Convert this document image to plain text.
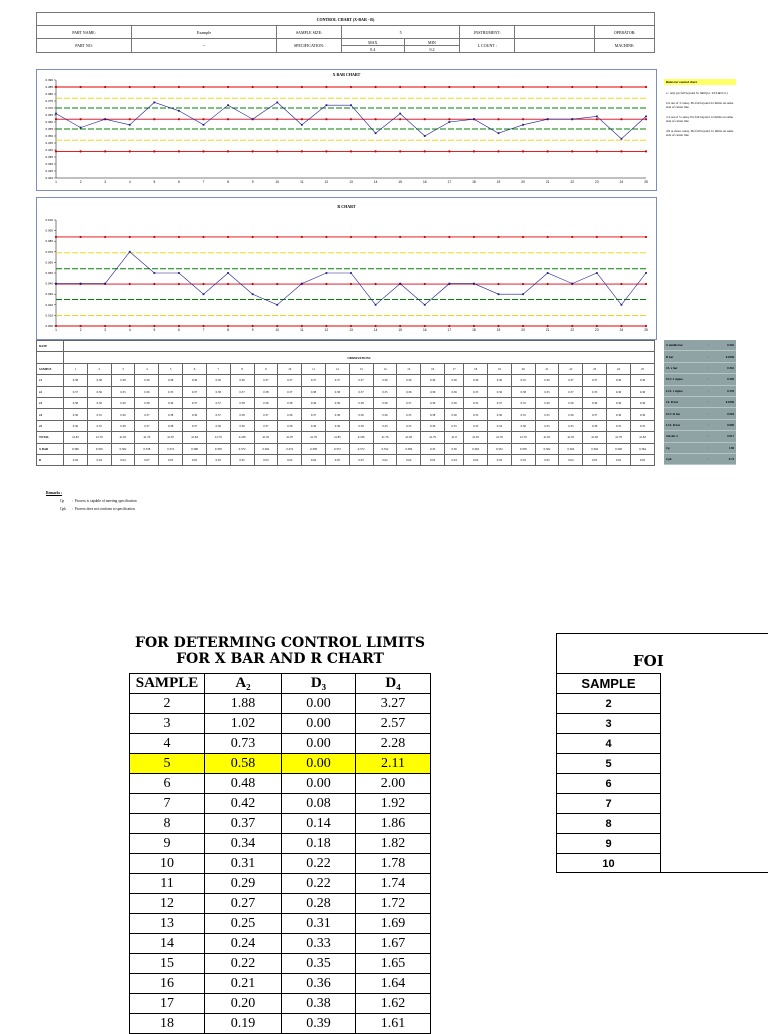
CONTROL CHART (X-BAR - R)							
PART NAME:	Example	SAMPLE SIZE:	5		INSTRUMENT:		OPERATOR:
PART NO:	--	SPECIFICATION:	MAX	MIN	L COUNT :		MACHINE:
			0.4	0.2			
X BAR CHART
0.390
0.385
0.380
0.375
0.370
0.365
0.360
0.355
0.350
0.345
0.340
0.335
0.330
0.325
0.320
1	2	3	4	5	6	7	8	9	10	11	12	13	14	15	16	17	18	19	20	21	22	23	24	25
R CHART
0.100
0.090
0.080
0.070
0.060
0.050
0.040
0.030
0.020
0.010
0.000
1	2	3	4	5	6	7	8	9	10	11	12	13	14	15	16	17	18	19	20	21	22	23	24	25
Rules for control chart

a : Any pts fall beyond 3σ limit(i.e. UCL&LCL)

b:2 out of 3 consq. Pts fall beyond 2σ limits on same side of center line

c:4 out of 5 consq. Pts fall beyond 1σ limits on same side of center line

d:9 or more consq. Pts fall beyond 1σ limits on same side of center line

DATE																									
	OBSERVATIONS																								
SAMPLE	1	2	3	4	5	6	7	8	9	10	11	12	13	14	15	16	17	18	19	20	21	22	23	24	25
x1	0.38	0.38	0.38	0.36	0.38	0.36	0.36	0.36	0.37	0.37	0.37	0.37	0.37	0.36	0.36	0.36	0.36	0.36	0.36	0.35	0.36	0.37	0.37	0.36	0.39
x2	0.37	0.36	0.35	0.36	0.35	0.37	0.38	0.37	0.38	0.37	0.38	0.38	0.37	0.35	0.36	0.36	0.36	0.35	0.36	0.38	0.35	0.37	0.35	0.36	0.36
x3	0.38	0.36	0.36	0.38	0.36	0.37	0.37	0.38	0.36	0.38	0.36	0.36	0.38	0.36	0.37	0.36	0.36	0.35	0.37	0.35	0.36	0.36	0.39	0.36	0.36
x4	0.36	0.35	0.36	0.37	0.38	0.39	0.37	0.38	0.37	0.36	0.37	0.38	0.36	0.36	0.35	0.38	0.36	0.35	0.36	0.35	0.35	0.36	0.37	0.36	0.39
x5	0.36	0.35	0.38	0.37	0.38	0.37	0.36	0.36	0.37	0.36	0.36	0.36	0.39	0.35	0.35	0.36	0.35	0.35	0.34	0.36	0.35	0.35	0.36	0.35	0.35
TOTAL	41.83	41.79	41.81	41.79	41.87	41.84	41.79	41.86	41.81	41.87	41.79	41.85	41.86	41.76	41.83	41.79	41.8	41.81	41.76	41.79	41.81	41.81	41.82	41.78	41.82
X BAR	0.366	0.356	0.362	0.358	0.374	0.368	0.358	0.372	0.362	0.374	0.358	0.372	0.372	0.352	0.366	0.35	0.36	0.362	0.352	0.358	0.362	0.362	0.364	0.348	0.364
R	0.04	0.04	0.04	0.07	0.05	0.05	0.03	0.05	0.03	0.02	0.04	0.05	0.05	0.02	0.04	0.02	0.04	0.04	0.03	0.03	0.05	0.04	0.05	0.02	0.05
X double bar	:	0.362
R bar	:	0.0396
CL x bar	:	0.362
UCL 1 sigma	:	0.385
LCL 1 sigma	:	0.339
CL R bar	:	0.0396
UCL R bar	:	0.084
LCL R bar	:	0.000
Std dev σ	:	0.017
Cp	:	1.96
Cpk	:	0.74
Remarks :
Cp :  Process is capable of meeting specification
Cpk :  Process does not conform to specification
FOR DETERMING CONTROL LIMITS
FOR X BAR AND R CHART
SAMPLE	A₂	D₃	D₄
2	1.88	0.00	3.27
3	1.02	0.00	2.57
4	0.73	0.00	2.28
5	0.58	0.00	2.11
6	0.48	0.00	2.00
7	0.42	0.08	1.92
8	0.37	0.14	1.86
9	0.34	0.18	1.82
10	0.31	0.22	1.78
11	0.29	0.22	1.74
12	0.27	0.28	1.72
13	0.25	0.31	1.69
14	0.24	0.33	1.67
15	0.22	0.35	1.65
16	0.21	0.36	1.64
17	0.20	0.38	1.62
18	0.19	0.39	1.61
FOI
SAMPLE
2
3
4
5
6
7
8
9
10
